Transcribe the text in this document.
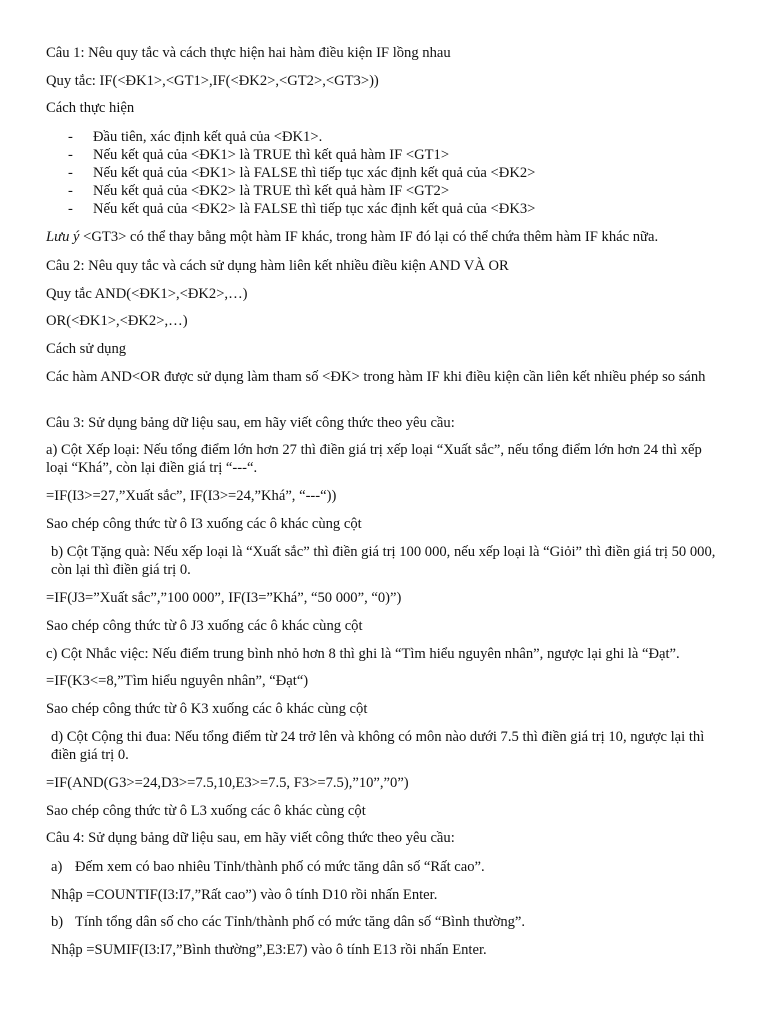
Câu 1: Nêu quy tắc và cách thực hiện hai hàm điều kiện IF lồng nhau
Quy tắc: IF(<ĐK1>,<GT1>,IF(<ĐK2>,<GT2>,<GT3>))
Cách thực hiện
- Đầu tiên, xác định kết quả của <ĐK1>.
- Nếu kết quả của <ĐK1> là TRUE thì kết quả hàm IF <GT1>
- Nếu kết quả của <ĐK1> là FALSE thì tiếp tục xác định kết quả của <ĐK2>
- Nếu kết quả của <ĐK2> là TRUE thì kết quả hàm IF <GT2>
- Nếu kết quả của <ĐK2> là FALSE thì tiếp tục xác định kết quả của <ĐK3>
Lưu ý <GT3> có thể thay bằng một hàm IF khác, trong hàm IF đó lại có thể chứa thêm hàm IF khác nữa.
Câu 2: Nêu quy tắc và cách sử dụng hàm liên kết nhiều điều kiện AND VÀ OR
Quy tắc AND(<ĐK1>,<ĐK2>,…)
OR(<ĐK1>,<ĐK2>,…)
Cách sử dụng
Các hàm AND<OR được sử dụng làm tham số <ĐK> trong hàm IF khi điều kiện cần liên kết nhiều phép so sánh
Câu 3: Sử dụng bảng dữ liệu sau, em hãy viết công thức theo yêu cầu:
a) Cột Xếp loại: Nếu tổng điểm lớn hơn 27 thì điền giá trị xếp loại “Xuất sắc”, nếu tổng điểm lớn hơn 24 thì xếp loại “Khá”, còn lại điền giá trị “---“.
=IF(I3>=27,”Xuất sắc”, IF(I3>=24,”Khá”, “---“))
Sao chép công thức từ ô I3 xuống các ô khác cùng cột
b) Cột Tặng quà: Nếu xếp loại là “Xuất sắc” thì điền giá trị 100 000, nếu xếp loại là “Giỏi” thì điền giá trị 50 000, còn lại thì điền giá trị 0.
=IF(J3=”Xuất sắc”,”100 000”, IF(I3=”Khá”, “50 000”, “0)”)
Sao chép công thức từ ô J3 xuống các ô khác cùng cột
c) Cột Nhắc việc: Nếu điểm trung bình nhỏ hơn 8 thì ghi là “Tìm hiểu nguyên nhân”, ngược lại ghi là “Đạt”.
=IF(K3<=8,”Tìm hiểu nguyên nhân”, “Đạt“)
Sao chép công thức từ ô K3 xuống các ô khác cùng cột
d) Cột Cộng thi đua: Nếu tổng điểm từ 24 trở lên và không có môn nào dưới 7.5 thì điền giá trị 10, ngược lại thì điền giá trị 0.
=IF(AND(G3>=24,D3>=7.5,10,E3>=7.5, F3>=7.5),”10”,”0”)
Sao chép công thức từ ô L3 xuống các ô khác cùng cột
Câu 4: Sử dụng bảng dữ liệu sau, em hãy viết công thức theo yêu cầu:
a) Đếm xem có bao nhiêu Tỉnh/thành phố có mức tăng dân số “Rất cao”.
Nhập =COUNTIF(I3:I7,”Rất cao”) vào ô tính D10 rồi nhấn Enter.
b) Tính tổng dân số cho các Tỉnh/thành phố có mức tăng dân số “Bình thường”.
Nhập =SUMIF(I3:I7,”Bình thường”,E3:E7) vào ô tính E13 rồi nhấn Enter.
